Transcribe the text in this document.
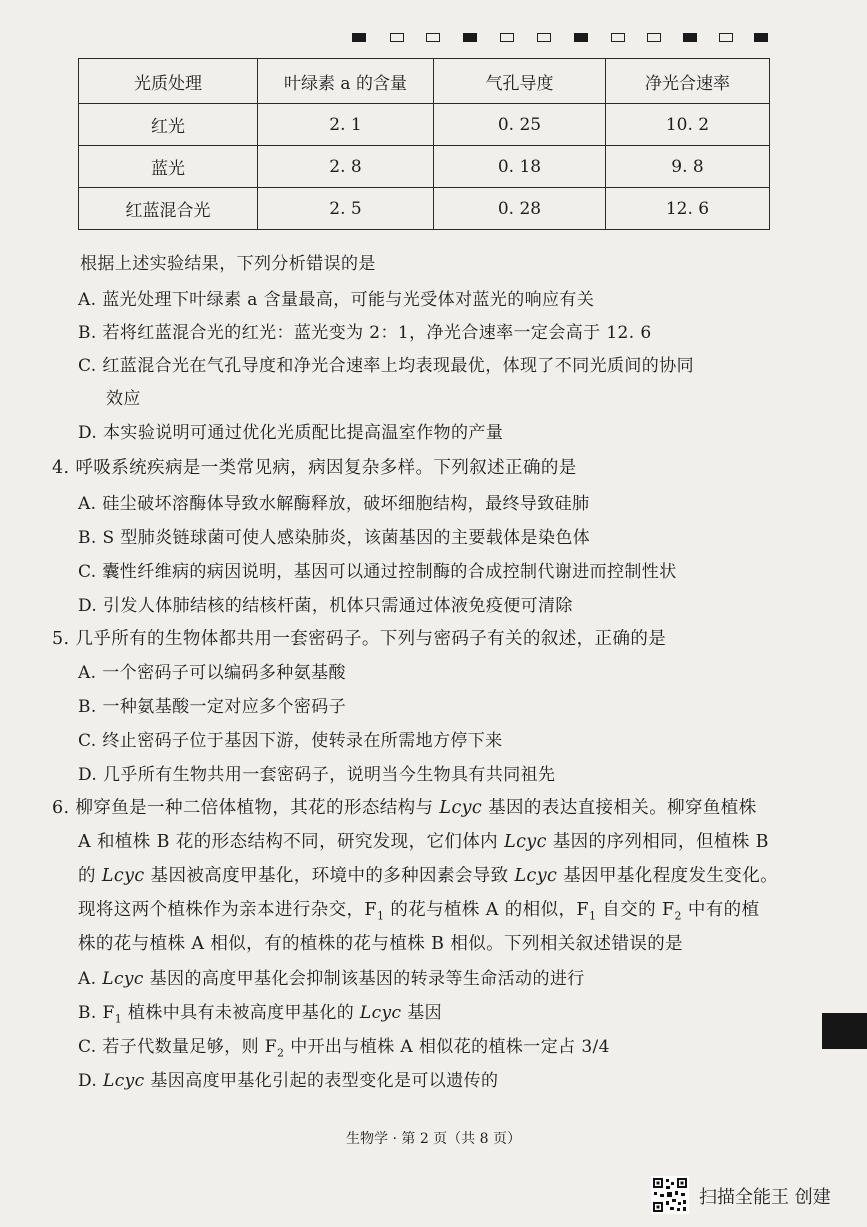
光质处理	叶绿素 a 的含量	气孔导度	净光合速率
红光	2. 1	0. 25	10. 2
蓝光	2. 8	0. 18	9. 8
红蓝混合光	2. 5	0. 28	12. 6
根据上述实验结果，下列分析错误的是
A. 蓝光处理下叶绿素 a 含量最高，可能与光受体对蓝光的响应有关
B. 若将红蓝混合光的红光：蓝光变为 2：1，净光合速率一定会高于 12. 6
C. 红蓝混合光在气孔导度和净光合速率上均表现最优，体现了不同光质间的协同
效应
D. 本实验说明可通过优化光质配比提高温室作物的产量
4. 呼吸系统疾病是一类常见病，病因复杂多样。下列叙述正确的是
A. 硅尘破坏溶酶体导致水解酶释放，破坏细胞结构，最终导致硅肺
B. S 型肺炎链球菌可使人感染肺炎，该菌基因的主要载体是染色体
C. 囊性纤维病的病因说明，基因可以通过控制酶的合成控制代谢进而控制性状
D. 引发人体肺结核的结核杆菌，机体只需通过体液免疫便可清除
5. 几乎所有的生物体都共用一套密码子。下列与密码子有关的叙述，正确的是
A. 一个密码子可以编码多种氨基酸
B. 一种氨基酸一定对应多个密码子
C. 终止密码子位于基因下游，使转录在所需地方停下来
D. 几乎所有生物共用一套密码子，说明当今生物具有共同祖先
6. 柳穿鱼是一种二倍体植物，其花的形态结构与 Lcyc 基因的表达直接相关。柳穿鱼植株
A 和植株 B 花的形态结构不同，研究发现，它们体内 Lcyc 基因的序列相同，但植株 B
的 Lcyc 基因被高度甲基化，环境中的多种因素会导致 Lcyc 基因甲基化程度发生变化。
现将这两个植株作为亲本进行杂交，$F_1$ 的花与植株 A 的相似，$F_1$ 自交的 $F_2$ 中有的植
株的花与植株 A 相似，有的植株的花与植株 B 相似。下列相关叙述错误的是
A. Lcyc 基因的高度甲基化会抑制该基因的转录等生命活动的进行
B. $F_1$ 植株中具有未被高度甲基化的 Lcyc 基因
C. 若子代数量足够，则 $F_2$ 中开出与植株 A 相似花的植株一定占 3/4
D. Lcyc 基因高度甲基化引起的表型变化是可以遗传的
生物学 · 第 2 页（共 8 页）
扫描全能王 创建
